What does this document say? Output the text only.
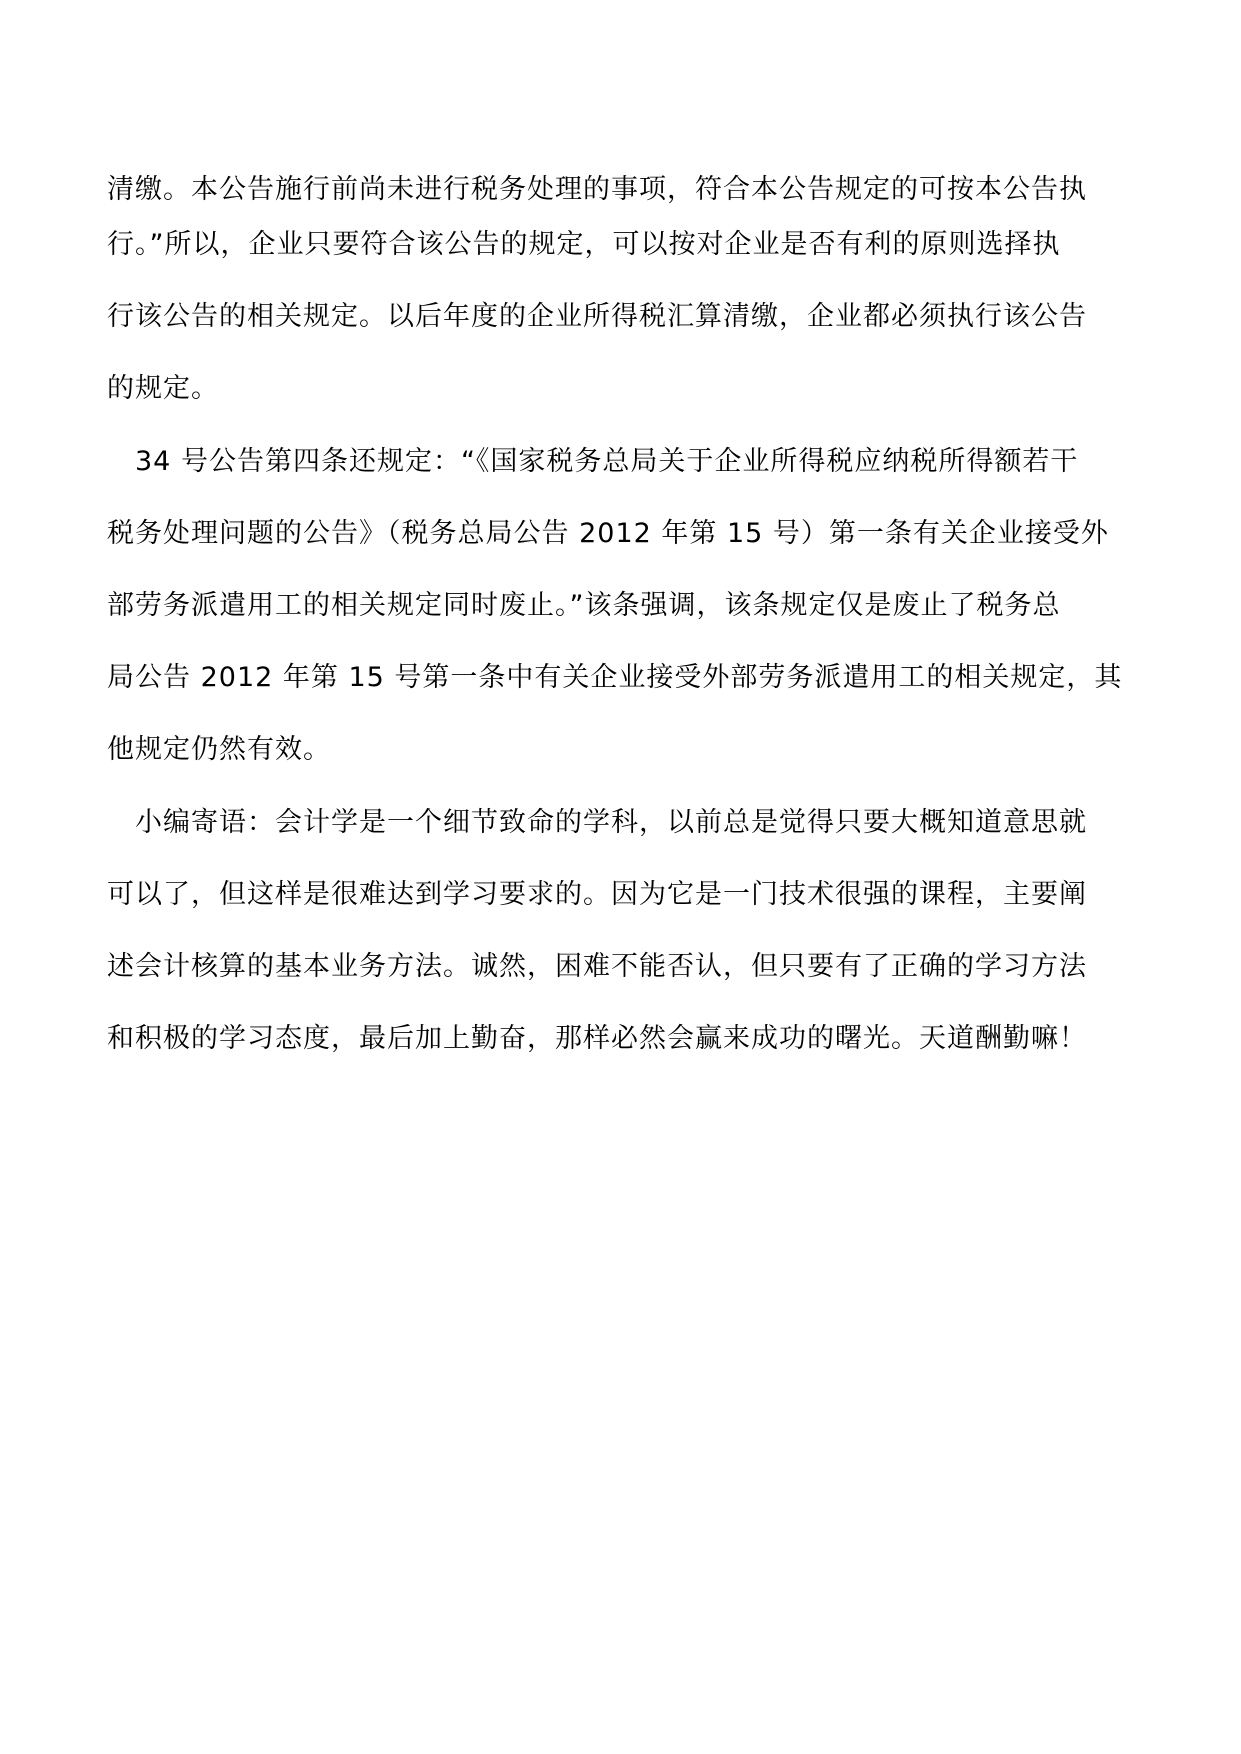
清缴。本公告施行前尚未进行税务处理的事项，符合本公告规定的可按本公告执
行。”所以，企业只要符合该公告的规定，可以按对企业是否有利的原则选择执
行该公告的相关规定。以后年度的企业所得税汇算清缴，企业都必须执行该公告
的规定。
34 号公告第四条还规定：“《国家税务总局关于企业所得税应纳税所得额若干
税务处理问题的公告》（税务总局公告 2012 年第 15 号）第一条有关企业接受外
部劳务派遣用工的相关规定同时废止。”该条强调，该条规定仅是废止了税务总
局公告 2012 年第 15 号第一条中有关企业接受外部劳务派遣用工的相关规定，其
他规定仍然有效。
小编寄语：会计学是一个细节致命的学科，以前总是觉得只要大概知道意思就
可以了，但这样是很难达到学习要求的。因为它是一门技术很强的课程，主要阐
述会计核算的基本业务方法。诚然，困难不能否认，但只要有了正确的学习方法
和积极的学习态度，最后加上勤奋，那样必然会赢来成功的曙光。天道酬勤嘛！
